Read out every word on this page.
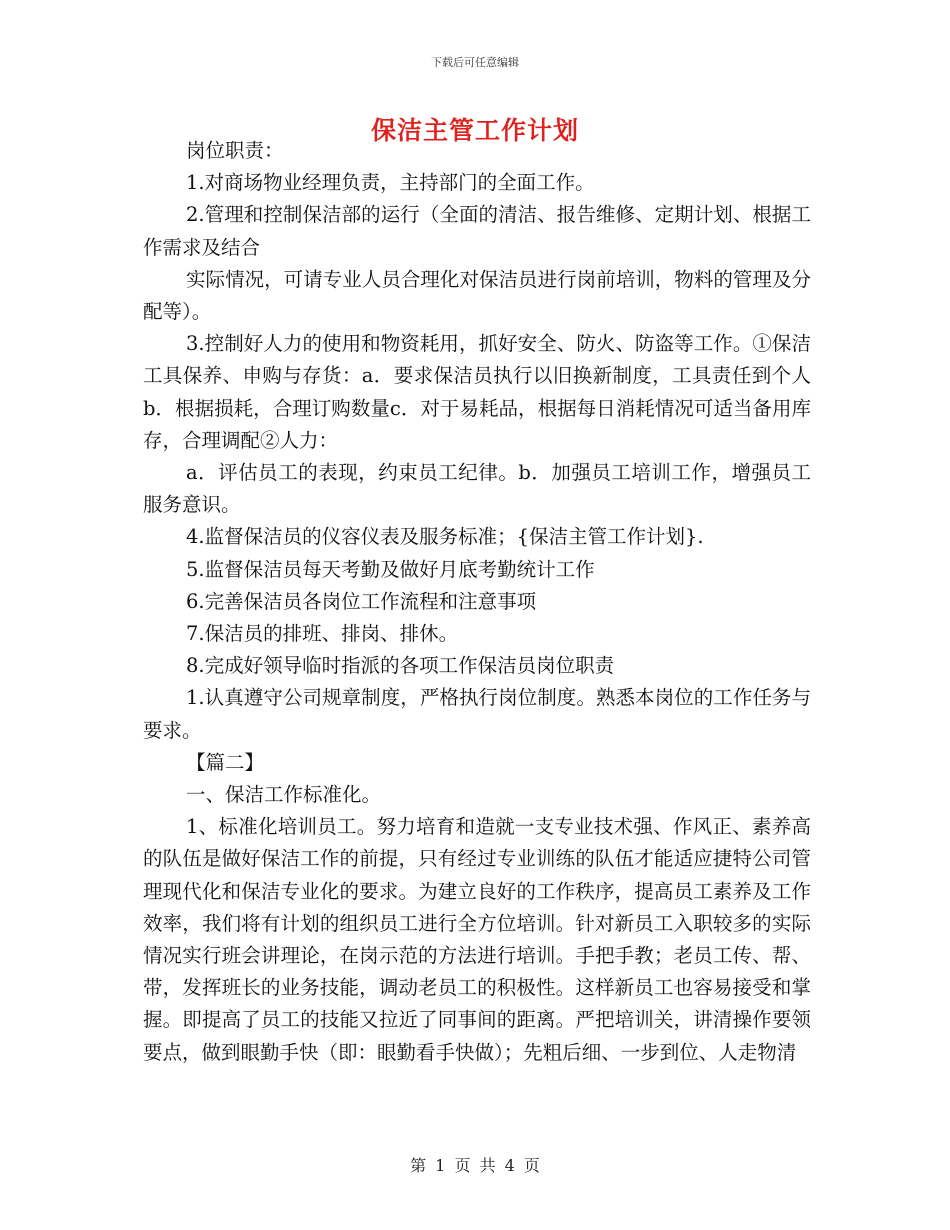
下载后可任意编辑
保洁主管工作计划

岗位职责：

1.对商场物业经理负责，主持部门的全面工作。

2.管理和控制保洁部的运行（全面的清洁、报告维修、定期计划、根据工作需求及结合

实际情况，可请专业人员合理化对保洁员进行岗前培训，物料的管理及分配等）。

3.控制好人力的使用和物资耗用，抓好安全、防火、防盗等工作。①保洁工具保养、申购与存货：a．要求保洁员执行以旧换新制度，工具责任到个人b．根据损耗，合理订购数量c．对于易耗品，根据每日消耗情况可适当备用库存，合理调配②人力：

a．评估员工的表现，约束员工纪律。b．加强员工培训工作，增强员工服务意识。

4.监督保洁员的仪容仪表及服务标准；{保洁主管工作计划}.

5.监督保洁员每天考勤及做好月底考勤统计工作

6.完善保洁员各岗位工作流程和注意事项

7.保洁员的排班、排岗、排休。

8.完成好领导临时指派的各项工作保洁员岗位职责

1.认真遵守公司规章制度，严格执行岗位制度。熟悉本岗位的工作任务与要求。

【篇二】

一、保洁工作标准化。

1、标准化培训员工。努力培育和造就一支专业技术强、作风正、素养高的队伍是做好保洁工作的前提，只有经过专业训练的队伍才能适应捷特公司管理现代化和保洁专业化的要求。为建立良好的工作秩序，提高员工素养及工作效率，我们将有计划的组织员工进行全方位培训。针对新员工入职较多的实际情况实行班会讲理论，在岗示范的方法进行培训。手把手教；老员工传、帮、带，发挥班长的业务技能，调动老员工的积极性。这样新员工也容易接受和掌握。即提高了员工的技能又拉近了同事间的距离。严把培训关，讲清操作要领要点，做到眼勤手快（即：眼勤看手快做）；先粗后细、一步到位、人走物清

第 1 页 共 4 页
